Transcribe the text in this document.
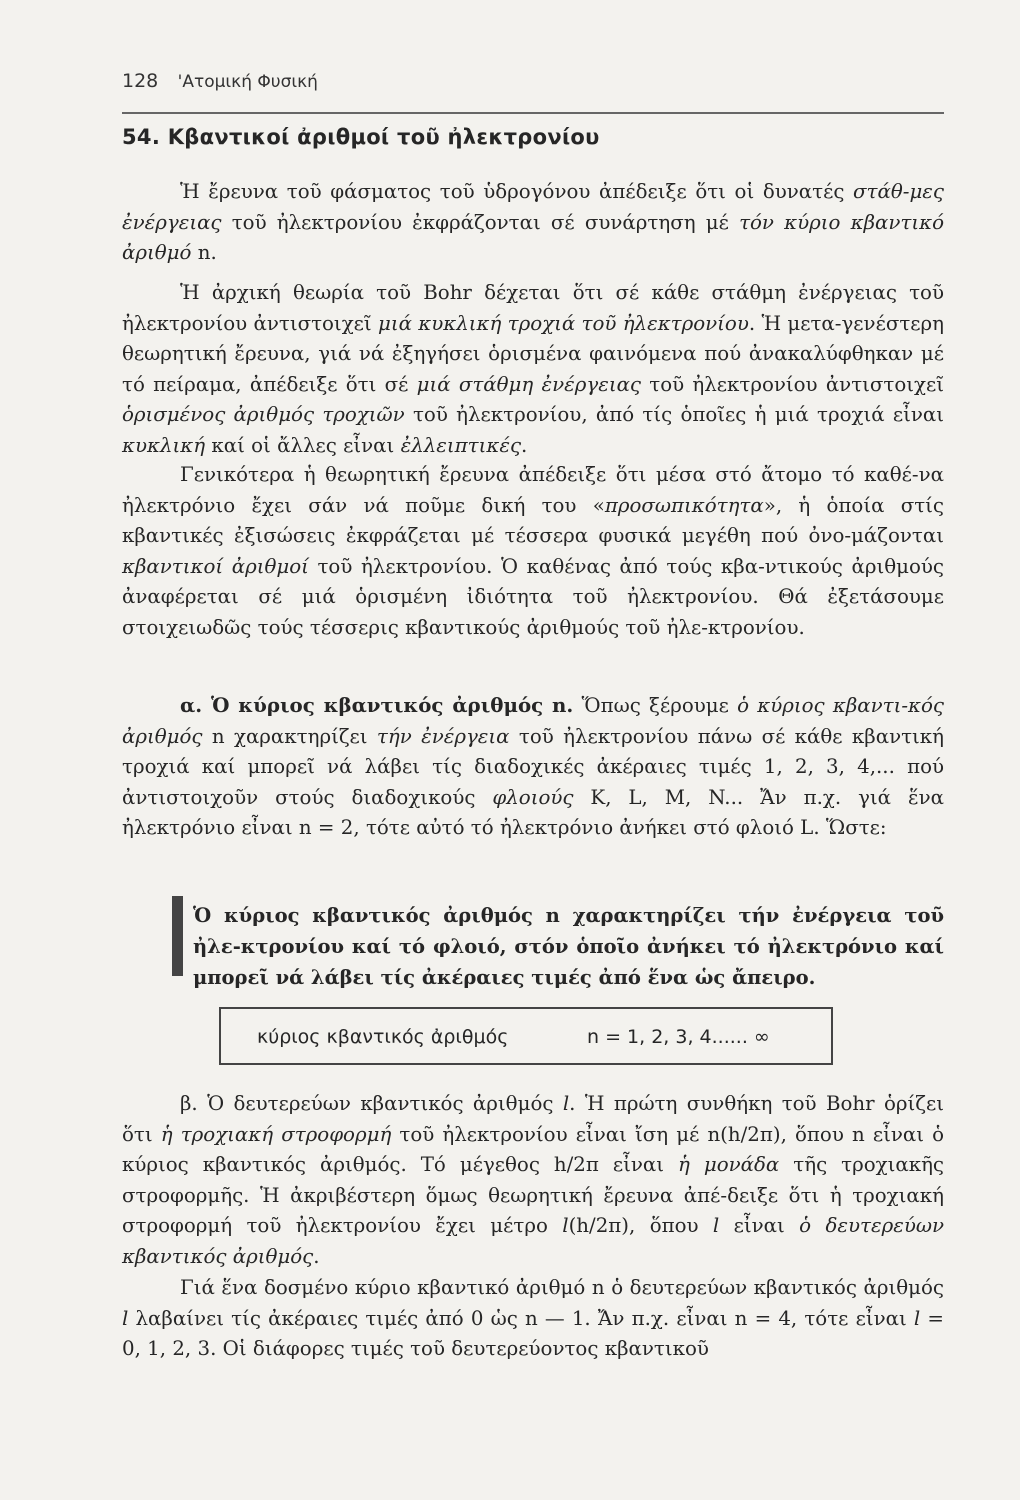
128 'Ατομική Φυσική
54. Κβαντικοί ἀριθμοί τοῦ ἠλεκτρονίου

Ἡ ἔρευνα τοῦ φάσματος τοῦ ὑδρογόνου ἀπέδειξε ὅτι οἱ δυνατές στάθ-μες ἐνέργειας τοῦ ἠλεκτρονίου ἐκφράζονται σέ συνάρτηση μέ τόν κύριο κβαντικό ἀριθμό n.

Ἡ ἀρχική θεωρία τοῦ Bohr δέχεται ὅτι σέ κάθε στάθμη ἐνέργειας τοῦ ἠλεκτρονίου ἀντιστοιχεῖ μιά κυκλική τροχιά τοῦ ἠλεκτρονίου. Ἡ μετα-γενέστερη θεωρητική ἔρευνα, γιά νά ἐξηγήσει ὁρισμένα φαινόμενα πού ἀνακαλύφθηκαν μέ τό πείραμα, ἀπέδειξε ὅτι σέ μιά στάθμη ἐνέργειας τοῦ ἠλεκτρονίου ἀντιστοιχεῖ ὁρισμένος ἀριθμός τροχιῶν τοῦ ἠλεκτρονίου, ἀπό τίς ὁποῖες ἡ μιά τροχιά εἶναι κυκλική καί οἱ ἄλλες εἶναι ἐλλειπτικές.

Γενικότερα ἡ θεωρητική ἔρευνα ἀπέδειξε ὅτι μέσα στό ἄτομο τό καθέ-να ἠλεκτρόνιο ἔχει σάν νά ποῦμε δική του «προσωπικότητα», ἡ ὁποία στίς κβαντικές ἐξισώσεις ἐκφράζεται μέ τέσσερα φυσικά μεγέθη πού ὀνο-μάζονται κβαντικοί ἀριθμοί τοῦ ἠλεκτρονίου. Ὁ καθένας ἀπό τούς κβα-ντικούς ἀριθμούς ἀναφέρεται σέ μιά ὁρισμένη ἰδιότητα τοῦ ἠλεκτρονίου. Θά ἐξετάσουμε στοιχειωδῶς τούς τέσσερις κβαντικούς ἀριθμούς τοῦ ἠλε-κτρονίου.

α. Ὁ κύριος κβαντικός ἀριθμός n. Ὅπως ξέρουμε ὁ κύριος κβαντι-κός ἀριθμός n χαρακτηρίζει τήν ἐνέργεια τοῦ ἠλεκτρονίου πάνω σέ κάθε κβαντική τροχιά καί μπορεῖ νά λάβει τίς διαδοχικές ἀκέραιες τιμές 1, 2, 3, 4,... πού ἀντιστοιχοῦν στούς διαδοχικούς φλοιούς K, L, M, N... Ἄν π.χ. γιά ἕνα ἠλεκτρόνιο εἶναι n = 2, τότε αὐτό τό ἠλεκτρόνιο ἀνήκει στό φλοιό L. Ὥστε:

Ὁ κύριος κβαντικός ἀριθμός n χαρακτηρίζει τήν ἐνέργεια τοῦ ἠλε-κτρονίου καί τό φλοιό, στόν ὁποῖο ἀνήκει τό ἠλεκτρόνιο καί μπορεῖ νά λάβει τίς ἀκέραιες τιμές ἀπό ἕνα ὡς ἄπειρο.
κύριος κβαντικός ἀριθμός	n = 1, 2, 3, 4...... ∞

β. Ὁ δευτερεύων κβαντικός ἀριθμός l. Ἡ πρώτη συνθήκη τοῦ Bohr ὁρίζει ὅτι ἡ τροχιακή στροφορμή τοῦ ἠλεκτρονίου εἶναι ἴση μέ n(h/2π), ὅπου n εἶναι ὁ κύριος κβαντικός ἀριθμός. Τό μέγεθος h/2π εἶναι ἡ μονάδα τῆς τροχιακῆς στροφορμῆς. Ἡ ἀκριβέστερη ὅμως θεωρητική ἔρευνα ἀπέ-δειξε ὅτι ἡ τροχιακή στροφορμή τοῦ ἠλεκτρονίου ἔχει μέτρο l(h/2π), ὅπου l εἶναι ὁ δευτερεύων κβαντικός ἀριθμός.

Γιά ἕνα δοσμένο κύριο κβαντικό ἀριθμό n ὁ δευτερεύων κβαντικός ἀριθμός l λαβαίνει τίς ἀκέραιες τιμές ἀπό 0 ὡς n — 1. Ἄν π.χ. εἶναι n = 4, τότε εἶναι l = 0, 1, 2, 3. Οἱ διάφορες τιμές τοῦ δευτερεύοντος κβαντικοῦ
